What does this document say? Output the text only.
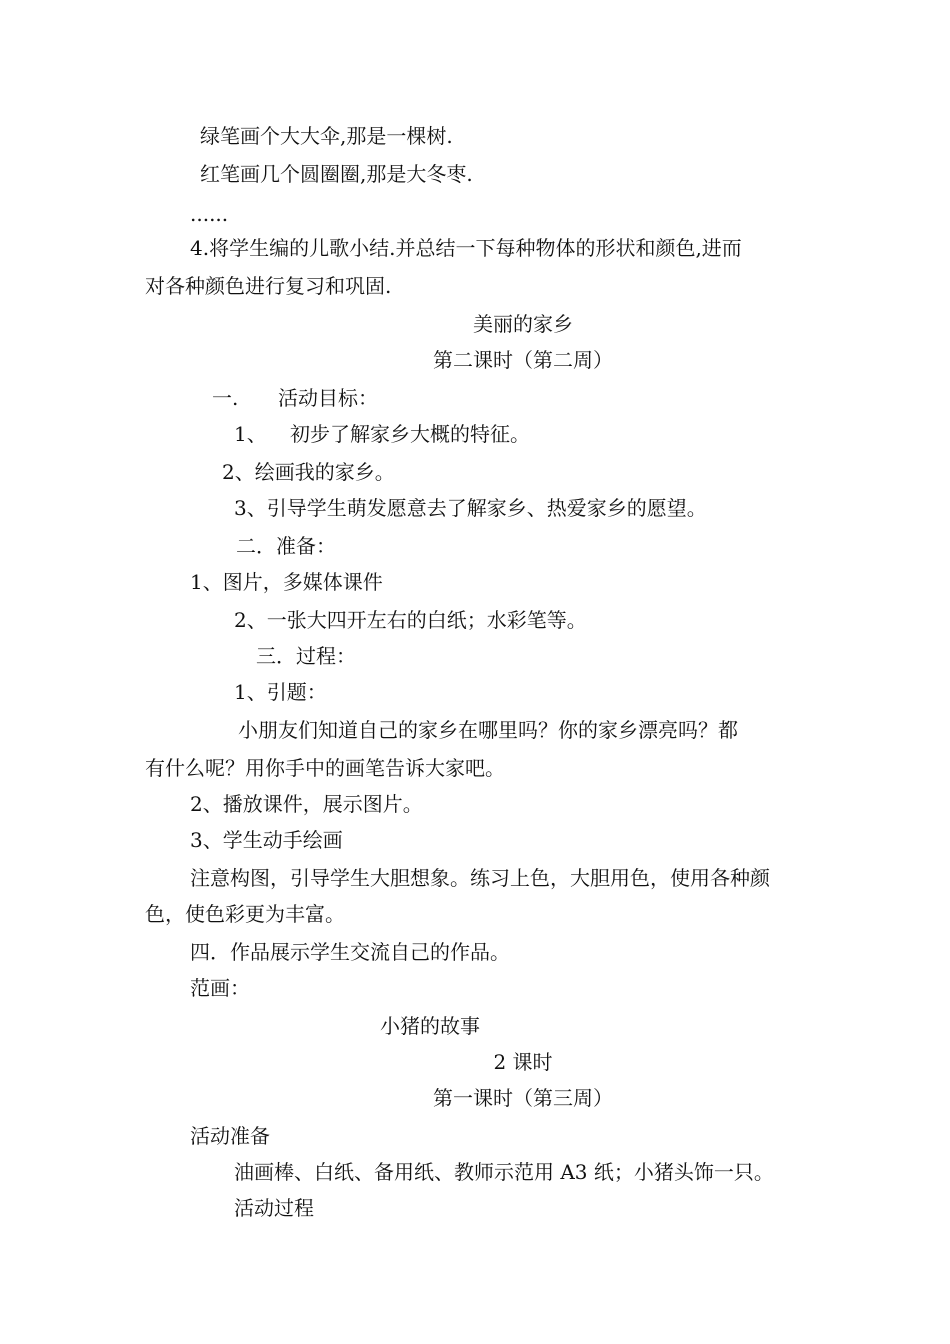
绿笔画个大大伞,那是一棵树.
红笔画几个圆圈圈,那是大冬枣.
......
4.将学生编的儿歌小结.并总结一下每种物体的形状和颜色,进而
对各种颜色进行复习和巩固.
美丽的家乡
第二课时（第二周）
一. 活动目标：
1、 初步了解家乡大概的特征。
2、绘画我的家乡。
3、引导学生萌发愿意去了解家乡、热爱家乡的愿望。
二．准备：
1、图片，多媒体课件
2、一张大四开左右的白纸；水彩笔等。
三．过程：
1、引题：
小朋友们知道自己的家乡在哪里吗？你的家乡漂亮吗？都
有什么呢？用你手中的画笔告诉大家吧。
2、播放课件，展示图片。
3、学生动手绘画
注意构图，引导学生大胆想象。练习上色，大胆用色，使用各种颜
色，使色彩更为丰富。
四．作品展示学生交流自己的作品。
范画：
小猪的故事
2 课时
第一课时（第三周）
活动准备
油画棒、白纸、备用纸、教师示范用 A3 纸；小猪头饰一只。
活动过程
